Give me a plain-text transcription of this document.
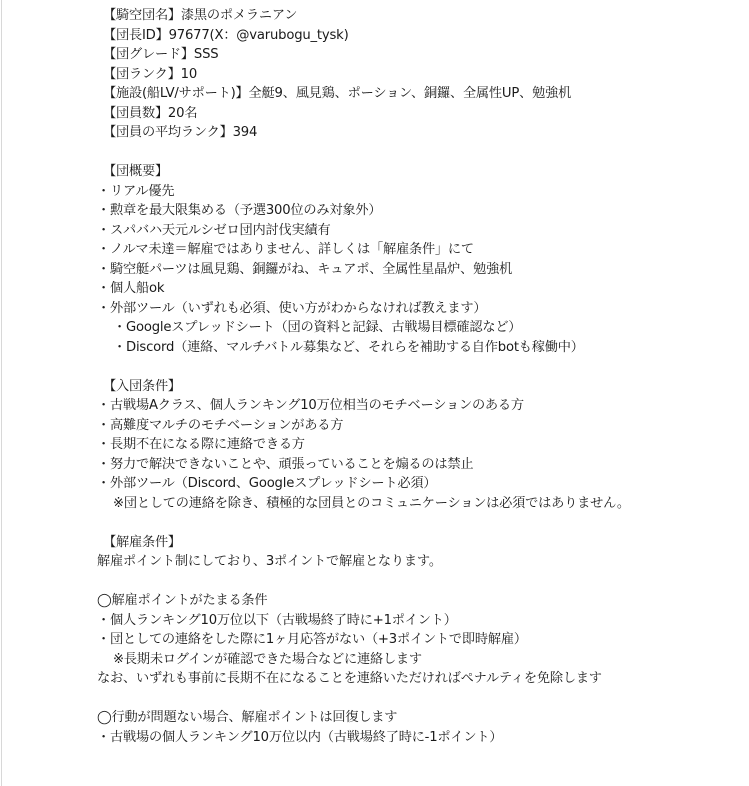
【騎空団名】漆黒のポメラニアン
【団長ID】97677(X：@varubogu_tysk)
【団グレード】SSS
【団ランク】10
【施設(船LV/サポート)】全艇9、風見鶏、ポーション、銅鑼、全属性UP、勉強机
【団員数】20名
【団員の平均ランク】394
【団概要】
・リアル優先
・勲章を最大限集める（予選300位のみ対象外）
・スパバハ天元ルシゼロ団内討伐実績有
・ノルマ未達＝解雇ではありません、詳しくは「解雇条件」にて
・騎空艇パーツは風見鶏、銅鑼がね、キュアポ、全属性星晶炉、勉強机
・個人船ok
・外部ツール（いずれも必須、使い方がわからなければ教えます）
・Googleスプレッドシート（団の資料と記録、古戦場目標確認など）
・Discord（連絡、マルチバトル募集など、それらを補助する自作botも稼働中）
【入団条件】
・古戦場Aクラス、個人ランキング10万位相当のモチベーションのある方
・高難度マルチのモチベーションがある方
・長期不在になる際に連絡できる方
・努力で解決できないことや、頑張っていることを煽るのは禁止
・外部ツール（Discord、Googleスプレッドシート必須）
※団としての連絡を除き、積極的な団員とのコミュニケーションは必須ではありません。
【解雇条件】
解雇ポイント制にしており、3ポイントで解雇となります。
◯解雇ポイントがたまる条件
・個人ランキング10万位以下（古戦場終了時に+1ポイント）
・団としての連絡をした際に1ヶ月応答がない（+3ポイントで即時解雇）
※長期未ログインが確認できた場合などに連絡します
なお、いずれも事前に長期不在になることを連絡いただければペナルティを免除します
◯行動が問題ない場合、解雇ポイントは回復します
・古戦場の個人ランキング10万位以内（古戦場終了時に-1ポイント）
